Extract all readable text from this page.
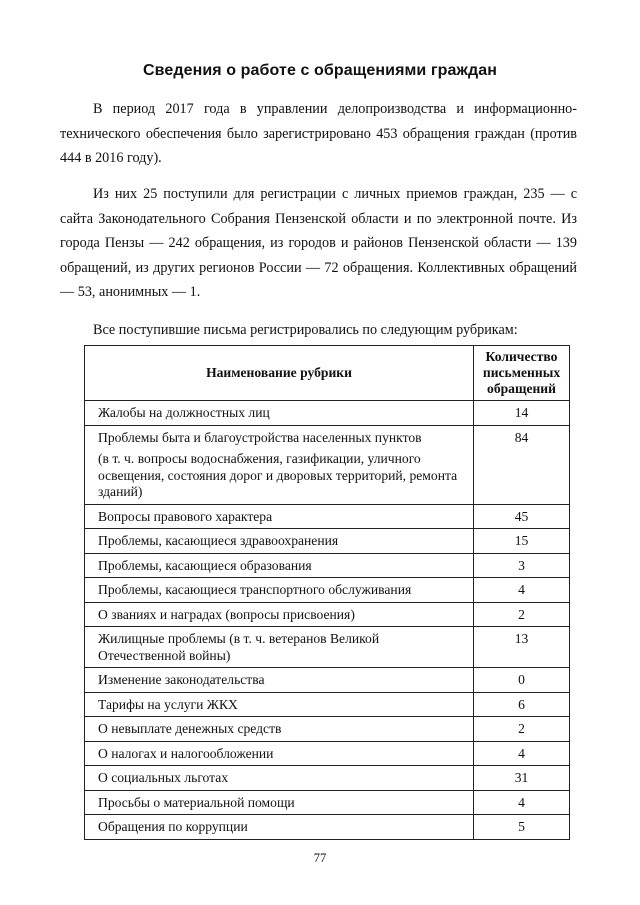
Сведения о работе с обращениями граждан

В период 2017 года в управлении делопроизводства и информационно-технического обеспечения было зарегистрировано 453 обращения граждан (против 444 в 2016 году).

Из них 25 поступили для регистрации с личных приемов граждан, 235 — с сайта Законодательного Собрания Пензенской области и по электронной почте. Из города Пензы — 242 обращения, из городов и районов Пензенской области — 139 обращений, из других регионов России — 72 обращения. Коллективных обращений — 53, анонимных — 1.

Все поступившие письма регистрировались по следующим рубрикам:

Наименование рубрики	Количество письменных обращений
Жалобы на должностных лиц	14
Проблемы быта и благоустройства населенных пунктов
(в т. ч. вопросы водоснабжения, газификации, уличного освещения, состояния дорог и дворовых территорий, ремонта зданий)	84
Вопросы правового характера	45
Проблемы, касающиеся здравоохранения	15
Проблемы, касающиеся образования	3
Проблемы, касающиеся транспортного обслуживания	4
О званиях и наградах (вопросы присвоения)	2
Жилищные проблемы (в т. ч. ветеранов Великой Отечественной войны)	13
Изменение законодательства	0
Тарифы на услуги ЖКХ	6
О невыплате денежных средств	2
О налогах и налогообложении	4
О социальных льготах	31
Просьбы о материальной помощи	4
Обращения по коррупции	5
77
